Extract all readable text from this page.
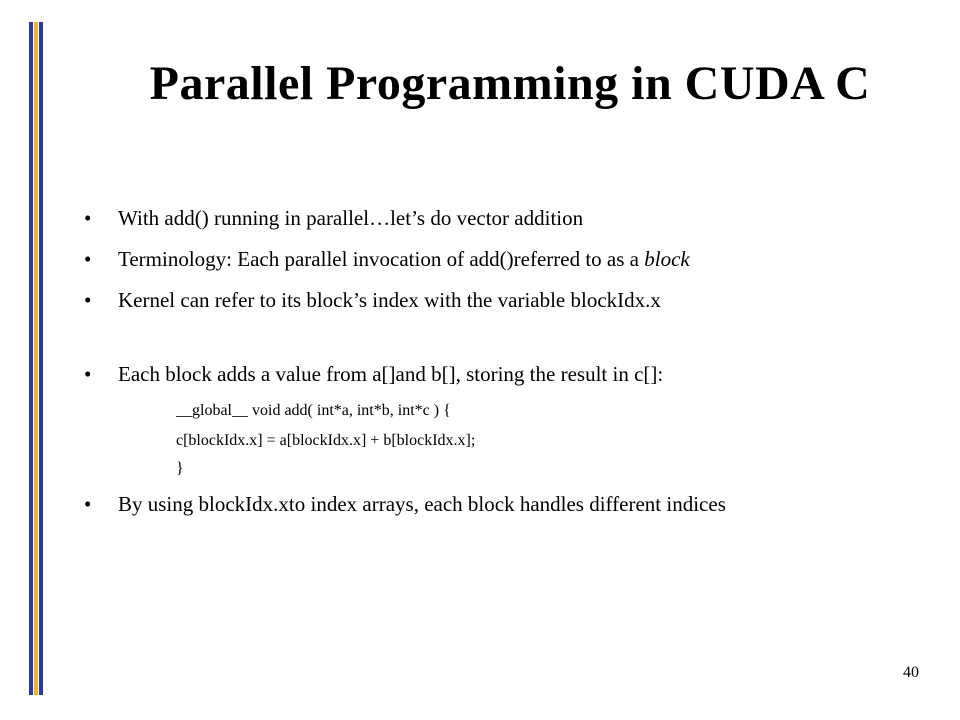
Parallel Programming in CUDA C
• With add() running in parallel…let’s do vector addition
• Terminology: Each parallel invocation of add()referred to as a block
• Kernel can refer to its block’s index with the variable blockIdx.x
• Each block adds a value from a[]and b[], storing the result in c[]:
__global__ void add( int*a, int*b, int*c ) {
c[blockIdx.x] = a[blockIdx.x] + b[blockIdx.x];
}
• By using blockIdx.xto index arrays, each block handles different indices
40
